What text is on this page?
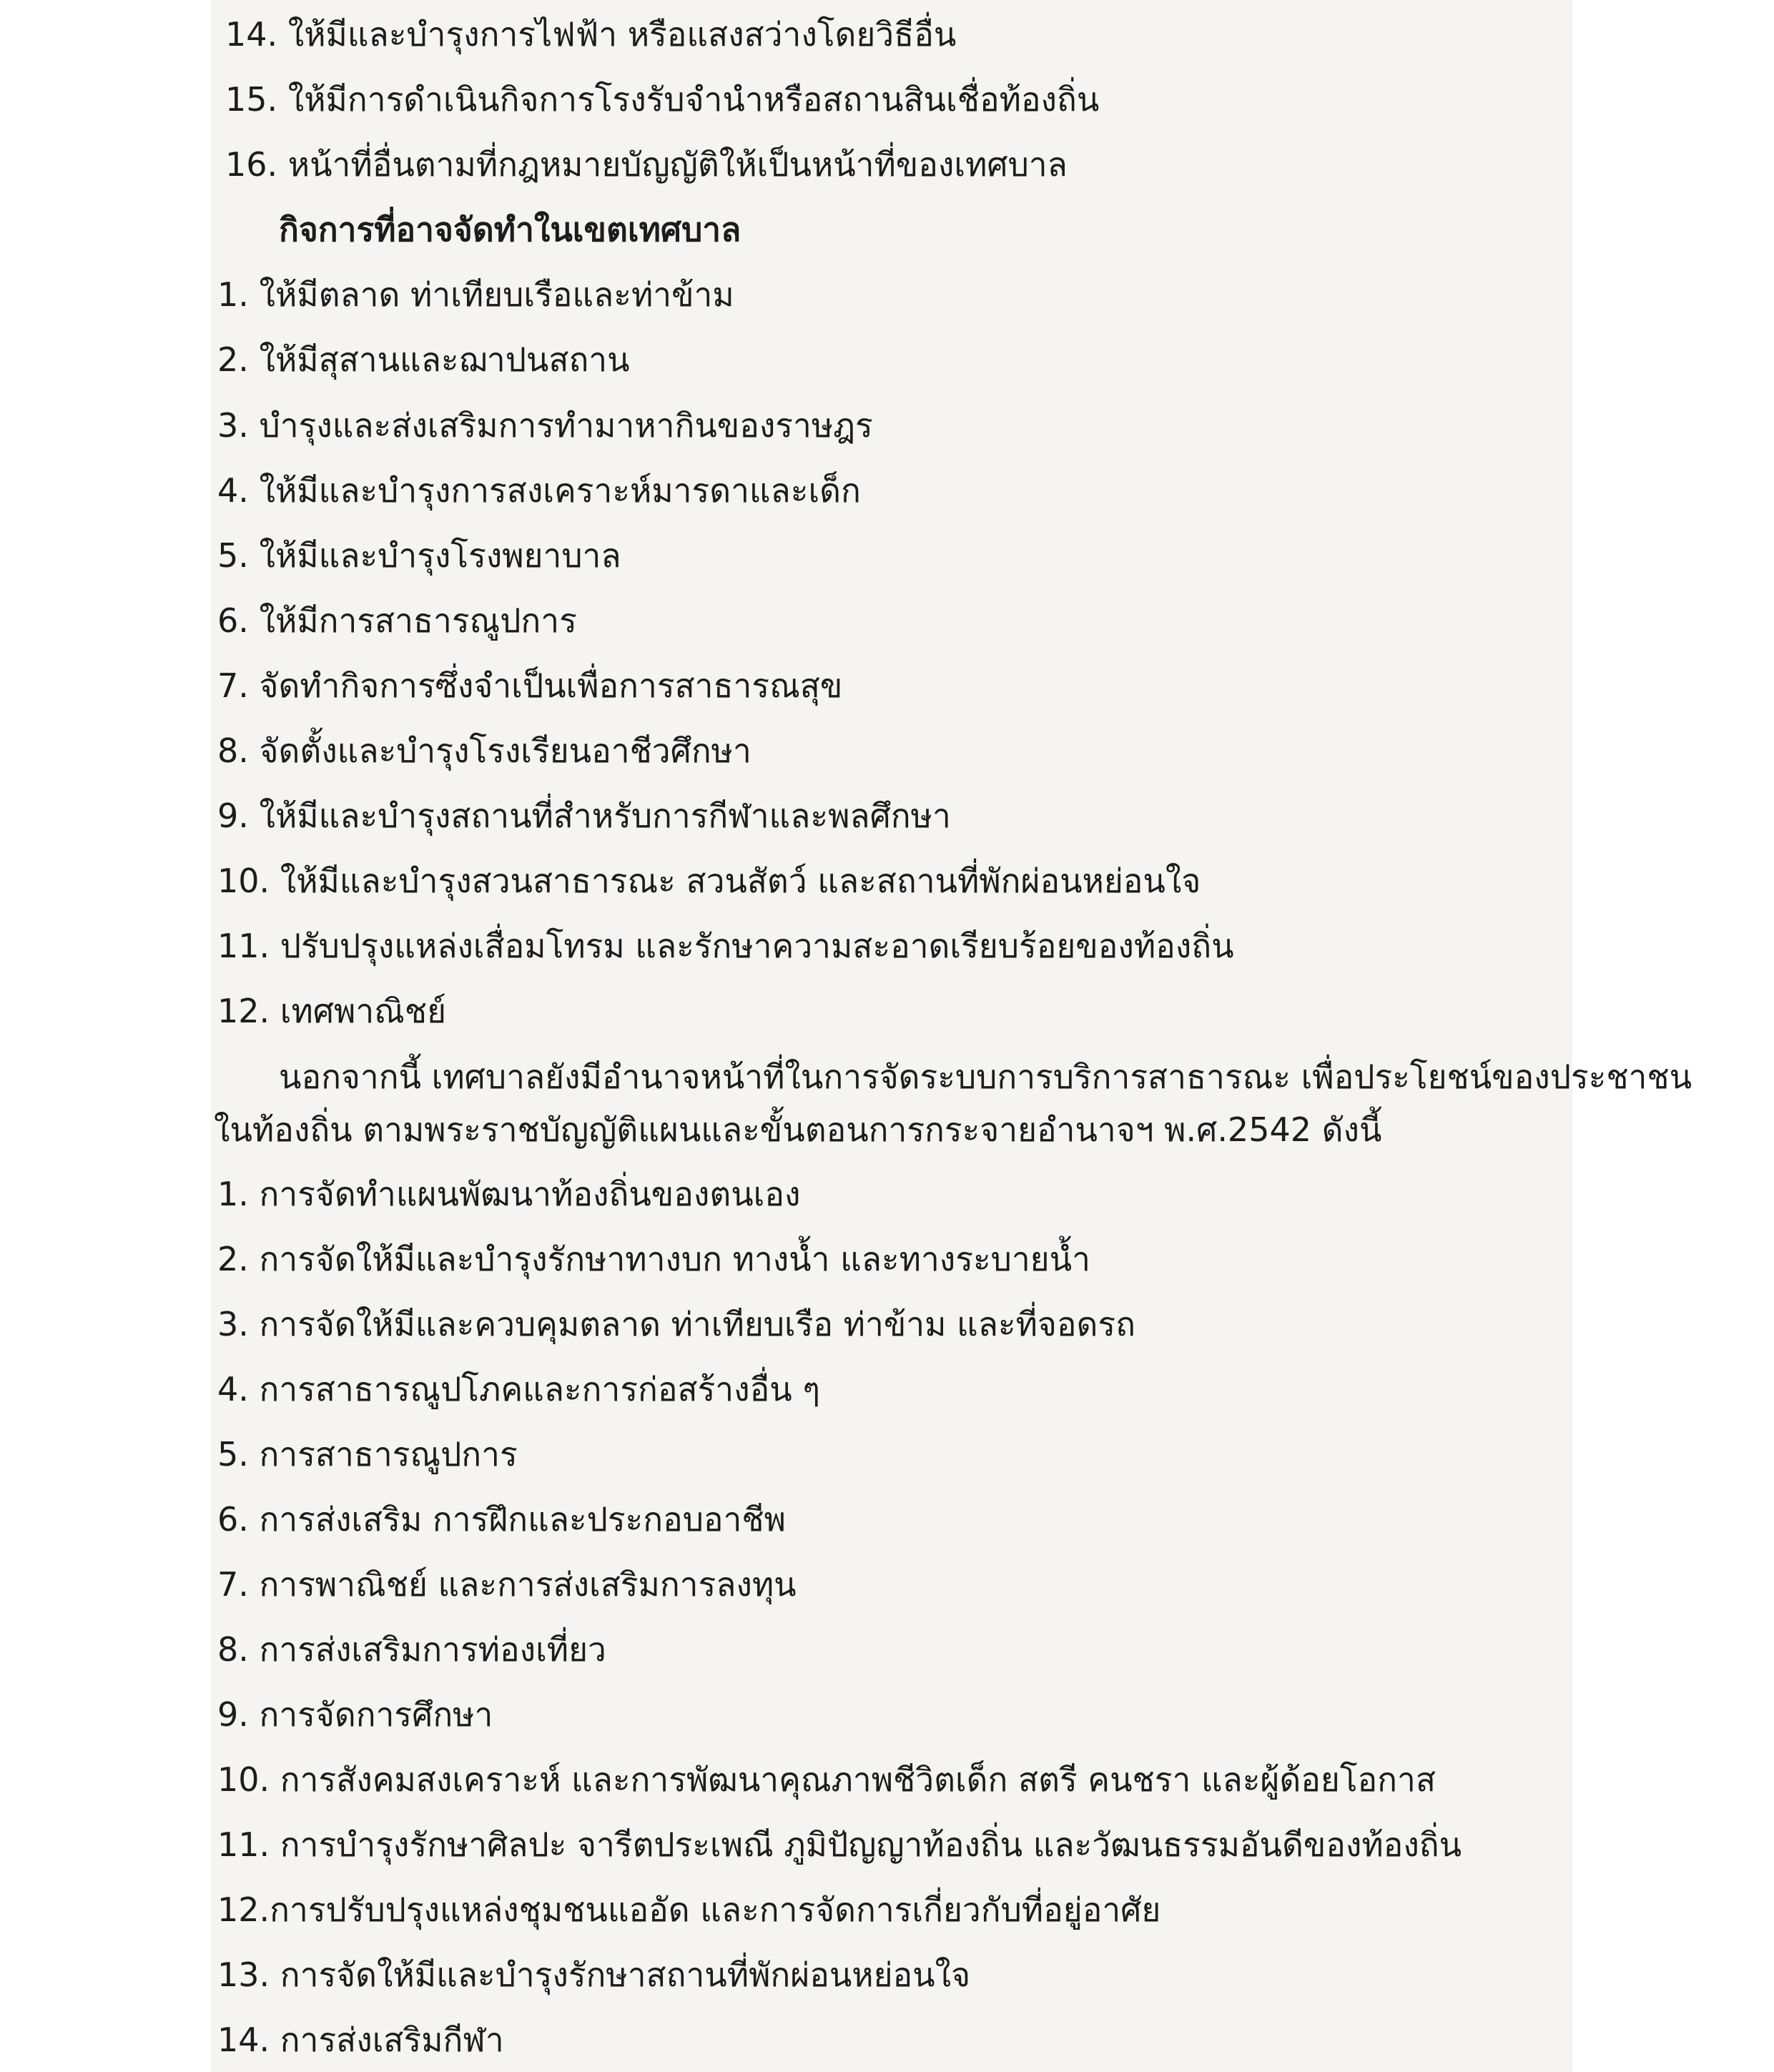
14. ให้มีและบำรุงการไฟฟ้า หรือแสงสว่างโดยวิธีอื่น
15. ให้มีการดำเนินกิจการโรงรับจำนำหรือสถานสินเชื่อท้องถิ่น
16. หน้าที่อื่นตามที่กฎหมายบัญญัติให้เป็นหน้าที่ของเทศบาล
กิจการที่อาจจัดทำในเขตเทศบาล
1. ให้มีตลาด ท่าเทียบเรือและท่าข้าม
2. ให้มีสุสานและฌาปนสถาน
3. บำรุงและส่งเสริมการทำมาหากินของราษฎร
4. ให้มีและบำรุงการสงเคราะห์มารดาและเด็ก
5. ให้มีและบำรุงโรงพยาบาล
6. ให้มีการสาธารณูปการ
7. จัดทำกิจการซึ่งจำเป็นเพื่อการสาธารณสุข
8. จัดตั้งและบำรุงโรงเรียนอาชีวศึกษา
9. ให้มีและบำรุงสถานที่สำหรับการกีฬาและพลศึกษา
10. ให้มีและบำรุงสวนสาธารณะ สวนสัตว์ และสถานที่พักผ่อนหย่อนใจ
11. ปรับปรุงแหล่งเสื่อมโทรม และรักษาความสะอาดเรียบร้อยของท้องถิ่น
12. เทศพาณิชย์
นอกจากนี้ เทศบาลยังมีอำนาจหน้าที่ในการจัดระบบการบริการสาธารณะ เพื่อประโยชน์ของประชาชน
ในท้องถิ่น ตามพระราชบัญญัติแผนและขั้นตอนการกระจายอำนาจฯ พ.ศ.2542 ดังนี้
1. การจัดทำแผนพัฒนาท้องถิ่นของตนเอง
2. การจัดให้มีและบำรุงรักษาทางบก ทางน้ำ และทางระบายน้ำ
3. การจัดให้มีและควบคุมตลาด ท่าเทียบเรือ ท่าข้าม และที่จอดรถ
4. การสาธารณูปโภคและการก่อสร้างอื่น ๆ
5. การสาธารณูปการ
6. การส่งเสริม การฝึกและประกอบอาชีพ
7. การพาณิชย์ และการส่งเสริมการลงทุน
8. การส่งเสริมการท่องเที่ยว
9. การจัดการศึกษา
10. การสังคมสงเคราะห์ และการพัฒนาคุณภาพชีวิตเด็ก สตรี คนชรา และผู้ด้อยโอกาส
11. การบำรุงรักษาศิลปะ จารีตประเพณี ภูมิปัญญาท้องถิ่น และวัฒนธรรมอันดีของท้องถิ่น
12.การปรับปรุงแหล่งชุมชนแออัด และการจัดการเกี่ยวกับที่อยู่อาศัย
13. การจัดให้มีและบำรุงรักษาสถานที่พักผ่อนหย่อนใจ
14. การส่งเสริมกีฬา
